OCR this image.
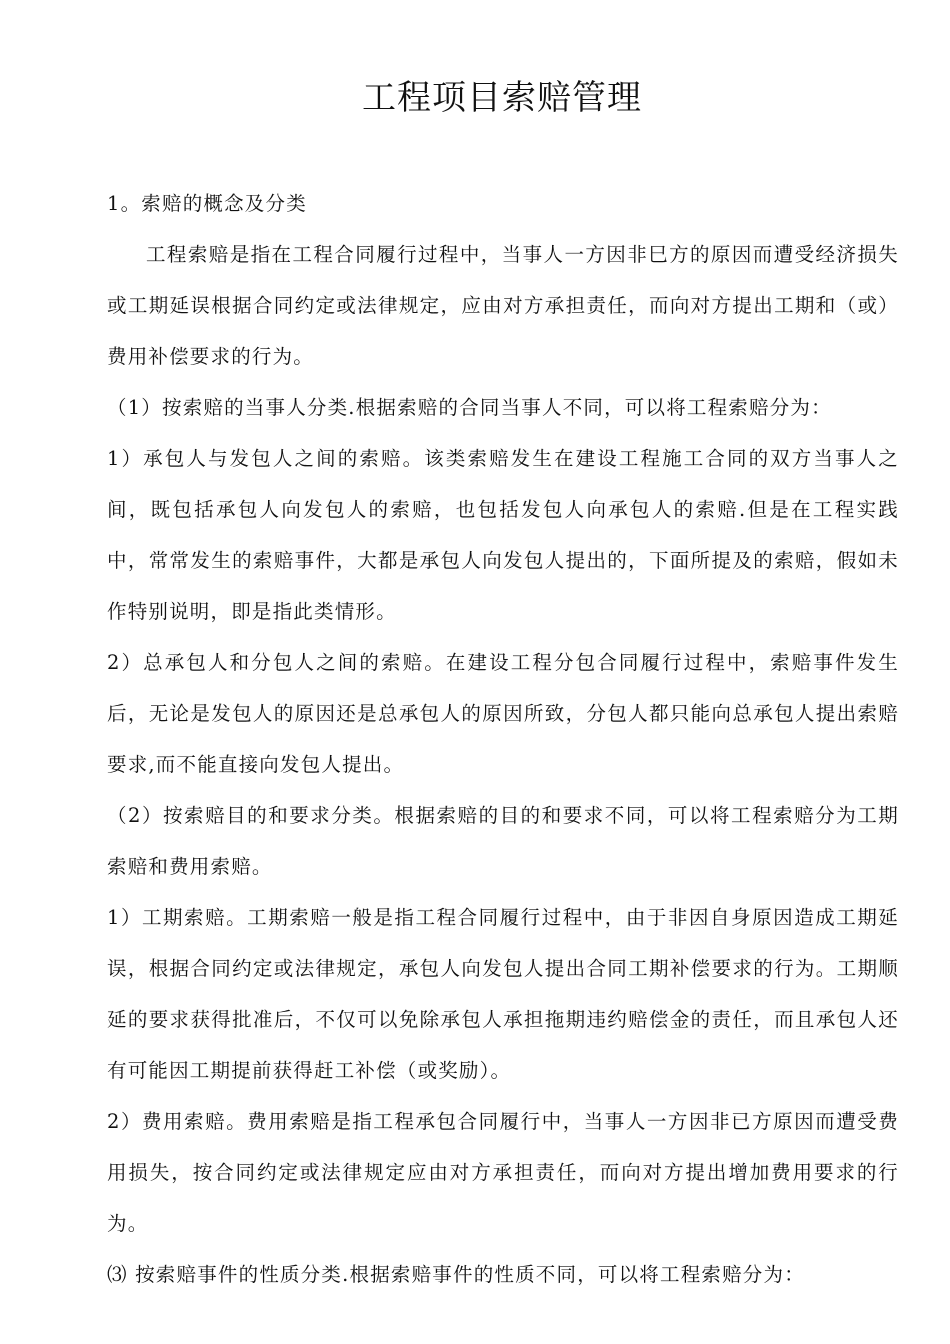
工程项目索赔管理

1。索赔的概念及分类

工程索赔是指在工程合同履行过程中，当事人一方因非巳方的原因而遭受经济损失或工期延误根据合同约定或法律规定，应由对方承担责任，而向对方提出工期和（或）费用补偿要求的行为。

（1）按索赔的当事人分类.根据索赔的合同当事人不同，可以将工程索赔分为：

1）承包人与发包人之间的索赔。该类索赔发生在建设工程施工合同的双方当事人之间，既包括承包人向发包人的索赔，也包括发包人向承包人的索赔.但是在工程实践中，常常发生的索赔事件，大都是承包人向发包人提出的，下面所提及的索赔，假如未作特别说明，即是指此类情形。

2）总承包人和分包人之间的索赔。在建设工程分包合同履行过程中，索赔事件发生后，无论是发包人的原因还是总承包人的原因所致，分包人都只能向总承包人提出索赔要求,而不能直接向发包人提出。

（2）按索赔目的和要求分类。根据索赔的目的和要求不同，可以将工程索赔分为工期索赔和费用索赔。

1）工期索赔。工期索赔一般是指工程合同履行过程中，由于非因自身原因造成工期延误，根据合同约定或法律规定，承包人向发包人提出合同工期补偿要求的行为。工期顺延的要求获得批准后，不仅可以免除承包人承担拖期违约赔偿金的责任，而且承包人还有可能因工期提前获得赶工补偿（或奖励）。

2）费用索赔。费用索赔是指工程承包合同履行中，当事人一方因非已方原因而遭受费用损失，按合同约定或法律规定应由对方承担责任，而向对方提出增加费用要求的行为。

⑶ 按索赔事件的性质分类.根据索赔事件的性质不同，可以将工程索赔分为：
